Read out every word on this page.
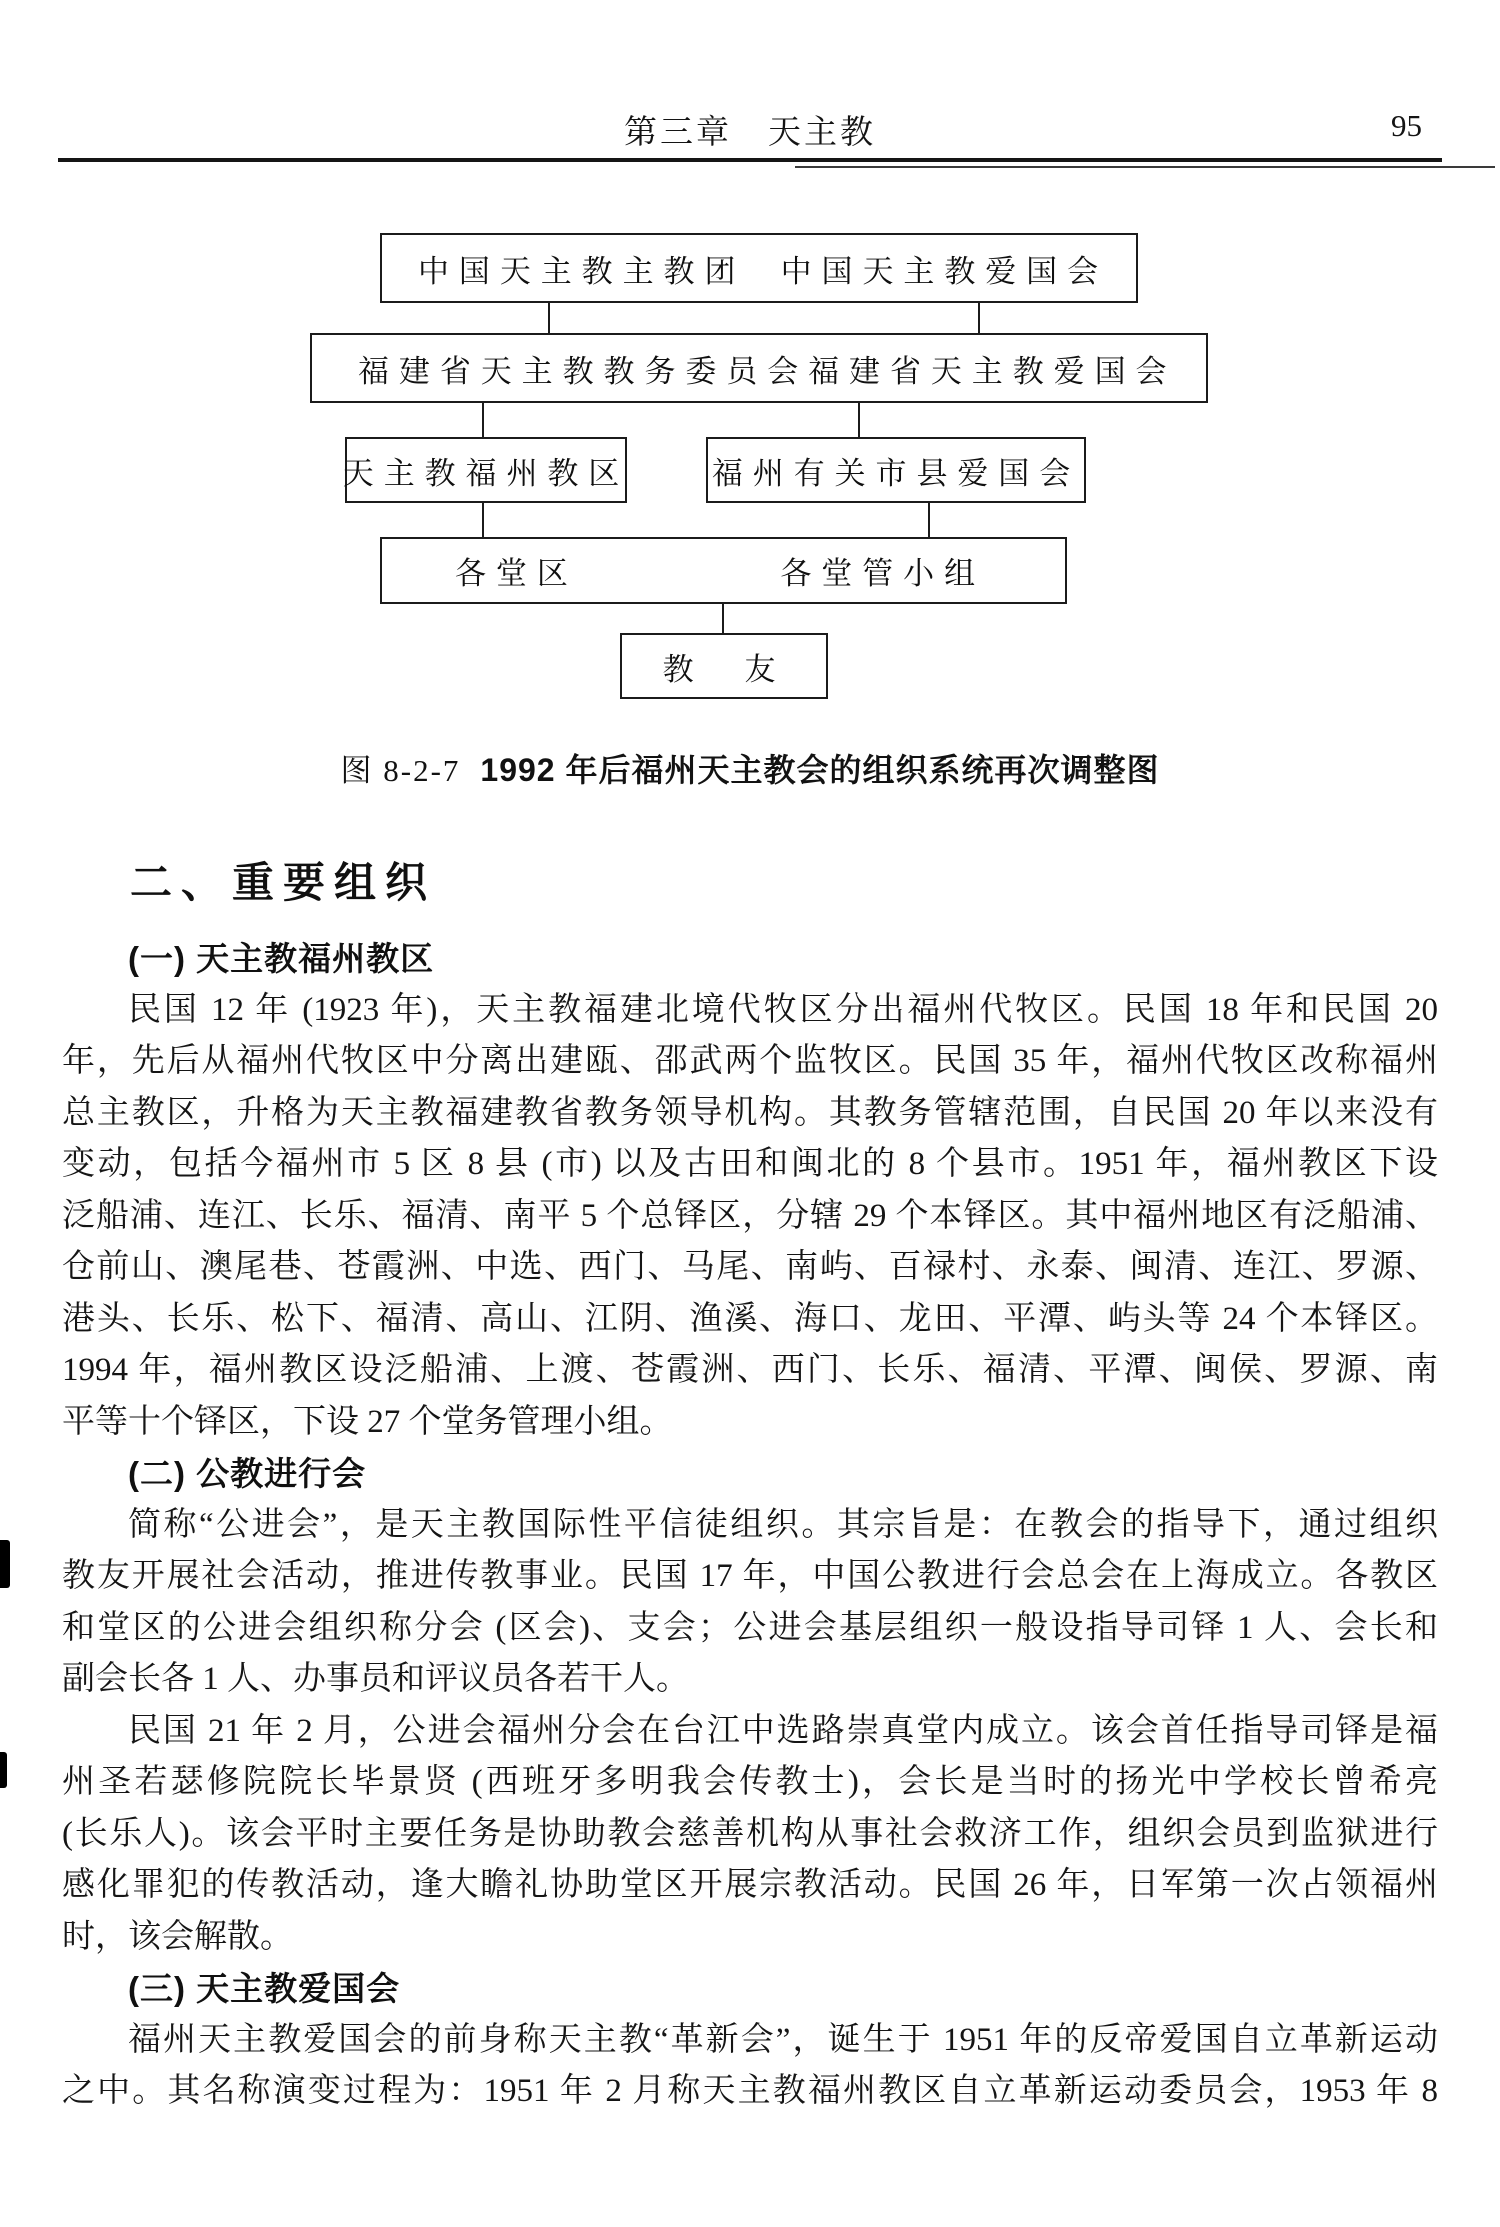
第三章　天主教	95
中国天主教主教团 中国天主教爱国会
福建省天主教教务委员会 福建省天主教爱国会
天主教福州教区	福州有关市县爱国会
各堂区	各堂管小组
教　友
图 8-2-7 1992 年后福州天主教会的组织系统再次调整图
二、重要组织
(一) 天主教福州教区
民国 12 年 (1923 年)，天主教福建北境代牧区分出福州代牧区。民国 18 年和民国 20
年，先后从福州代牧区中分离出建瓯、邵武两个监牧区。民国 35 年，福州代牧区改称福州
总主教区，升格为天主教福建教省教务领导机构。其教务管辖范围，自民国 20 年以来没有
变动，包括今福州市 5 区 8 县 (市) 以及古田和闽北的 8 个县市。1951 年，福州教区下设
泛船浦、连江、长乐、福清、南平 5 个总铎区，分辖 29 个本铎区。其中福州地区有泛船浦、
仓前山、澳尾巷、苍霞洲、中选、西门、马尾、南屿、百禄村、永泰、闽清、连江、罗源、
港头、长乐、松下、福清、高山、江阴、渔溪、海口、龙田、平潭、屿头等 24 个本铎区。
1994 年，福州教区设泛船浦、上渡、苍霞洲、西门、长乐、福清、平潭、闽侯、罗源、南
平等十个铎区，下设 27 个堂务管理小组。
(二) 公教进行会
简称“公进会”，是天主教国际性平信徒组织。其宗旨是：在教会的指导下，通过组织
教友开展社会活动，推进传教事业。民国 17 年，中国公教进行会总会在上海成立。各教区
和堂区的公进会组织称分会 (区会)、支会；公进会基层组织一般设指导司铎 1 人、会长和
副会长各 1 人、办事员和评议员各若干人。
民国 21 年 2 月，公进会福州分会在台江中选路崇真堂内成立。该会首任指导司铎是福
州圣若瑟修院院长毕景贤 (西班牙多明我会传教士)，会长是当时的扬光中学校长曾希亮
(长乐人)。该会平时主要任务是协助教会慈善机构从事社会救济工作，组织会员到监狱进行
感化罪犯的传教活动，逢大瞻礼协助堂区开展宗教活动。民国 26 年，日军第一次占领福州
时，该会解散。
(三) 天主教爱国会
福州天主教爱国会的前身称天主教“革新会”，诞生于 1951 年的反帝爱国自立革新运动
之中。其名称演变过程为：1951 年 2 月称天主教福州教区自立革新运动委员会，1953 年 8
